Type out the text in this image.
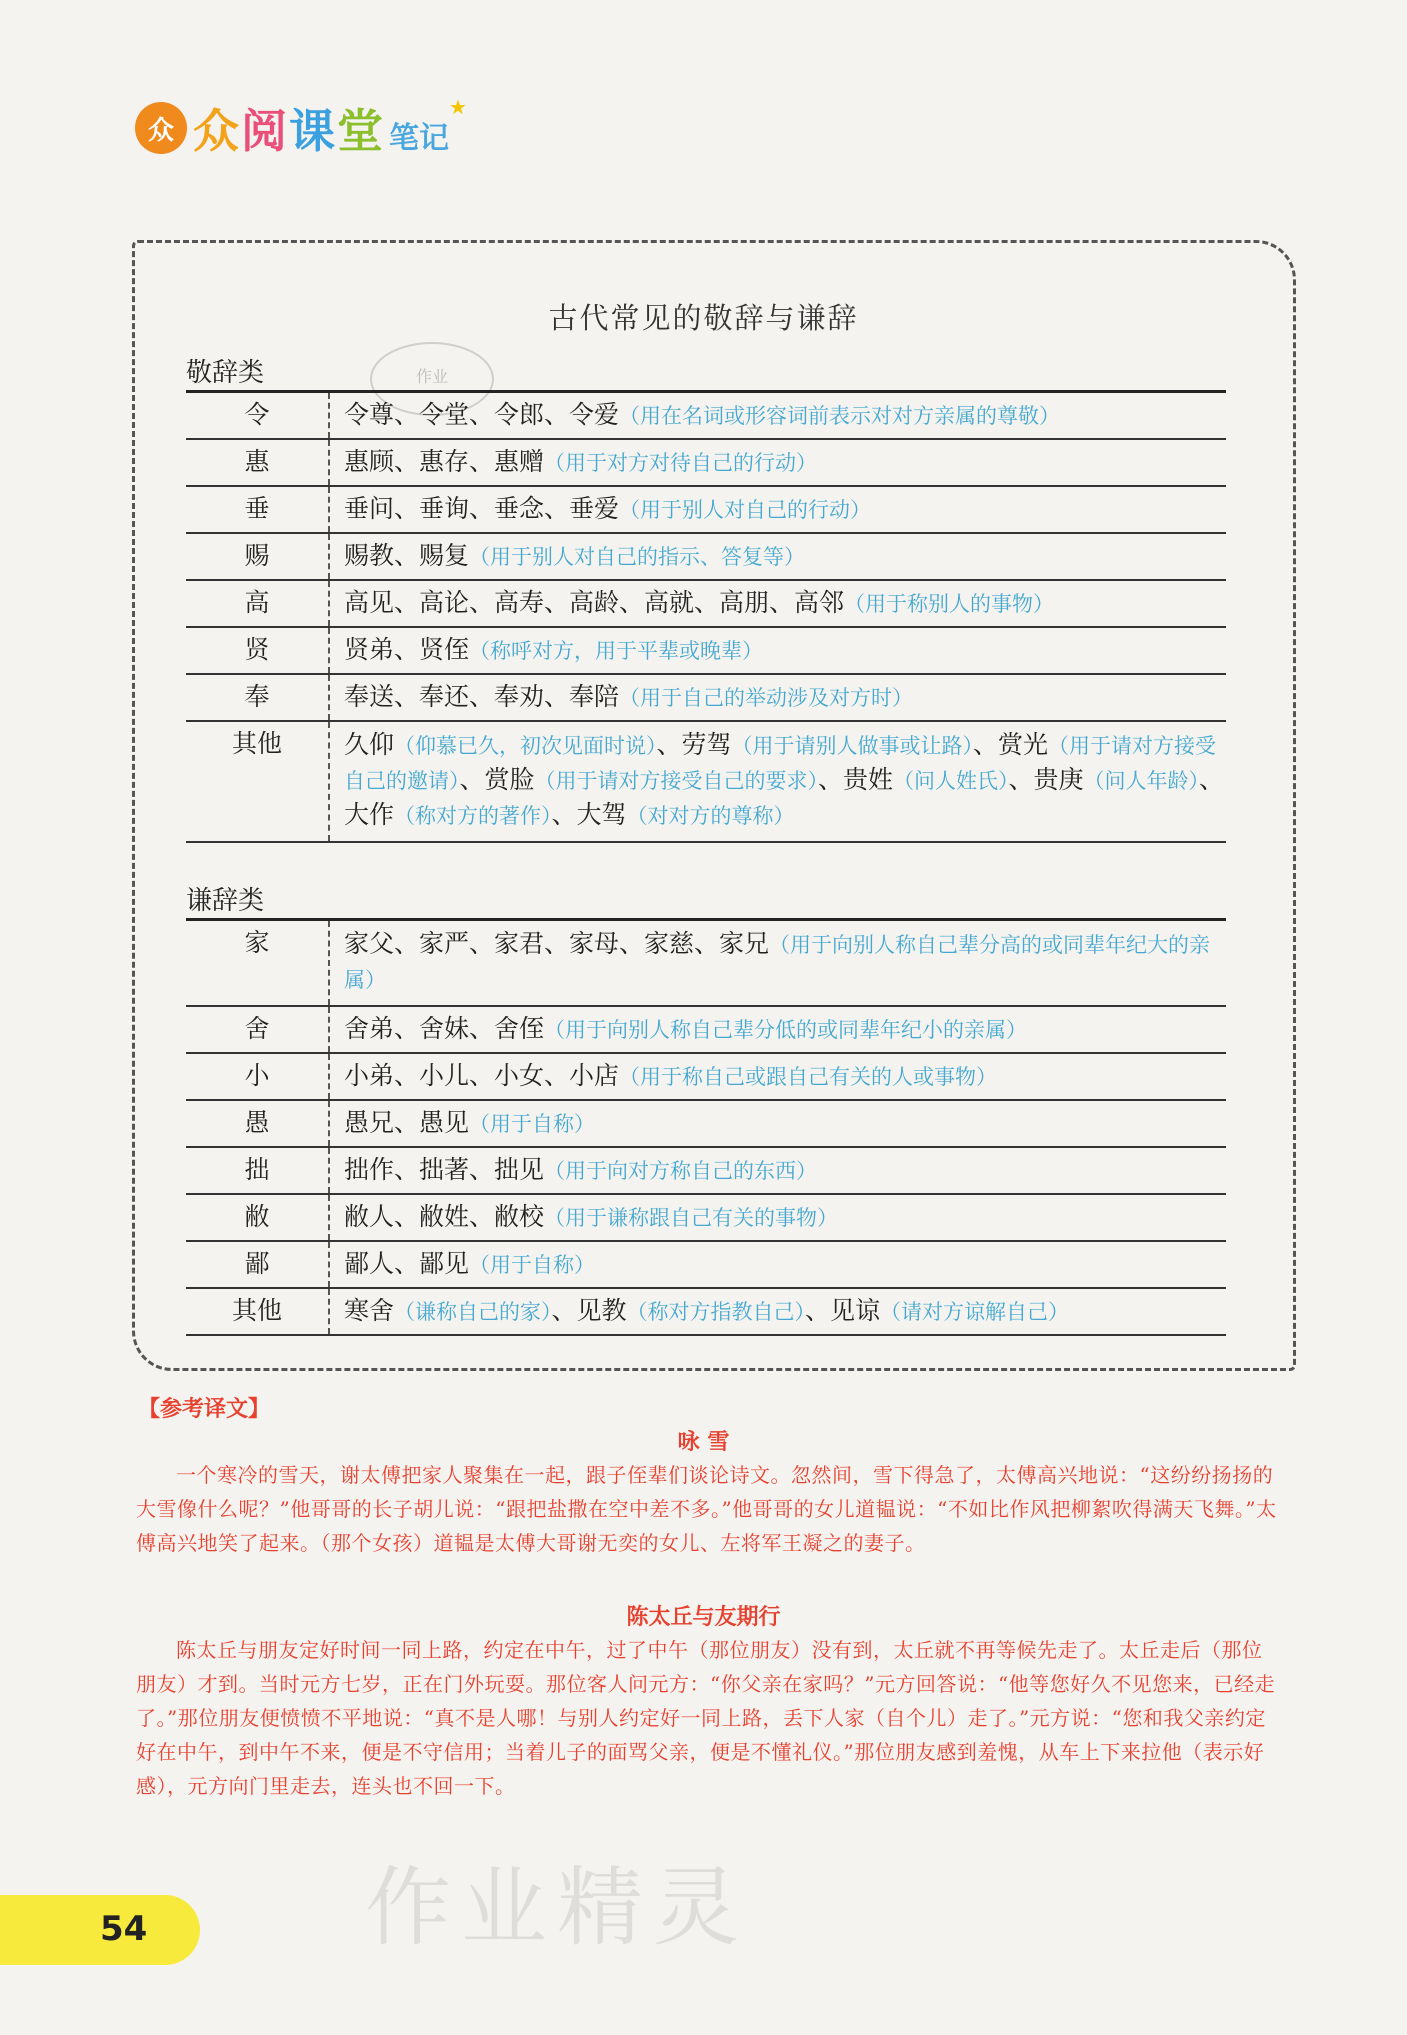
众 众阅课堂 笔记
★
古代常见的敬辞与谦辞
作业
敬辞类
令	令尊、令堂、令郎、令爱（用在名词或形容词前表示对对方亲属的尊敬）
惠	惠顾、惠存、惠赠（用于对方对待自己的行动）
垂	垂问、垂询、垂念、垂爱（用于别人对自己的行动）
赐	赐教、赐复（用于别人对自己的指示、答复等）
高	高见、高论、高寿、高龄、高就、高朋、高邻（用于称别人的事物）
贤	贤弟、贤侄（称呼对方，用于平辈或晚辈）
奉	奉送、奉还、奉劝、奉陪（用于自己的举动涉及对方时）
其他	久仰（仰慕已久，初次见面时说）、劳驾（用于请别人做事或让路）、赏光（用于请对方接受自己的邀请）、赏脸（用于请对方接受自己的要求）、贵姓（问人姓氏）、贵庚（问人年龄）、大作（称对方的著作）、大驾（对对方的尊称）
谦辞类
家	家父、家严、家君、家母、家慈、家兄（用于向别人称自己辈分高的或同辈年纪大的亲属）
舍	舍弟、舍妹、舍侄（用于向别人称自己辈分低的或同辈年纪小的亲属）
小	小弟、小儿、小女、小店（用于称自己或跟自己有关的人或事物）
愚	愚兄、愚见（用于自称）
拙	拙作、拙著、拙见（用于向对方称自己的东西）
敝	敝人、敝姓、敝校（用于谦称跟自己有关的事物）
鄙	鄙人、鄙见（用于自称）
其他	寒舍（谦称自己的家）、见教（称对方指教自己）、见谅（请对方谅解自己）
【参考译文】
咏 雪
一个寒冷的雪天，谢太傅把家人聚集在一起，跟子侄辈们谈论诗文。忽然间，雪下得急了，太傅高兴地说：“这纷纷扬扬的大雪像什么呢？”他哥哥的长子胡儿说：“跟把盐撒在空中差不多。”他哥哥的女儿道韫说：“不如比作风把柳絮吹得满天飞舞。”太傅高兴地笑了起来。（那个女孩）道韫是太傅大哥谢无奕的女儿、左将军王凝之的妻子。
陈太丘与友期行
陈太丘与朋友定好时间一同上路，约定在中午，过了中午（那位朋友）没有到，太丘就不再等候先走了。太丘走后（那位朋友）才到。当时元方七岁，正在门外玩耍。那位客人问元方：“你父亲在家吗？”元方回答说：“他等您好久不见您来，已经走了。”那位朋友便愤愤不平地说：“真不是人哪！与别人约定好一同上路，丢下人家（自个儿）走了。”元方说：“您和我父亲约定好在中午，到中午不来，便是不守信用；当着儿子的面骂父亲，便是不懂礼仪。”那位朋友感到羞愧，从车上下来拉他（表示好感），元方向门里走去，连头也不回一下。
作业精灵
54
